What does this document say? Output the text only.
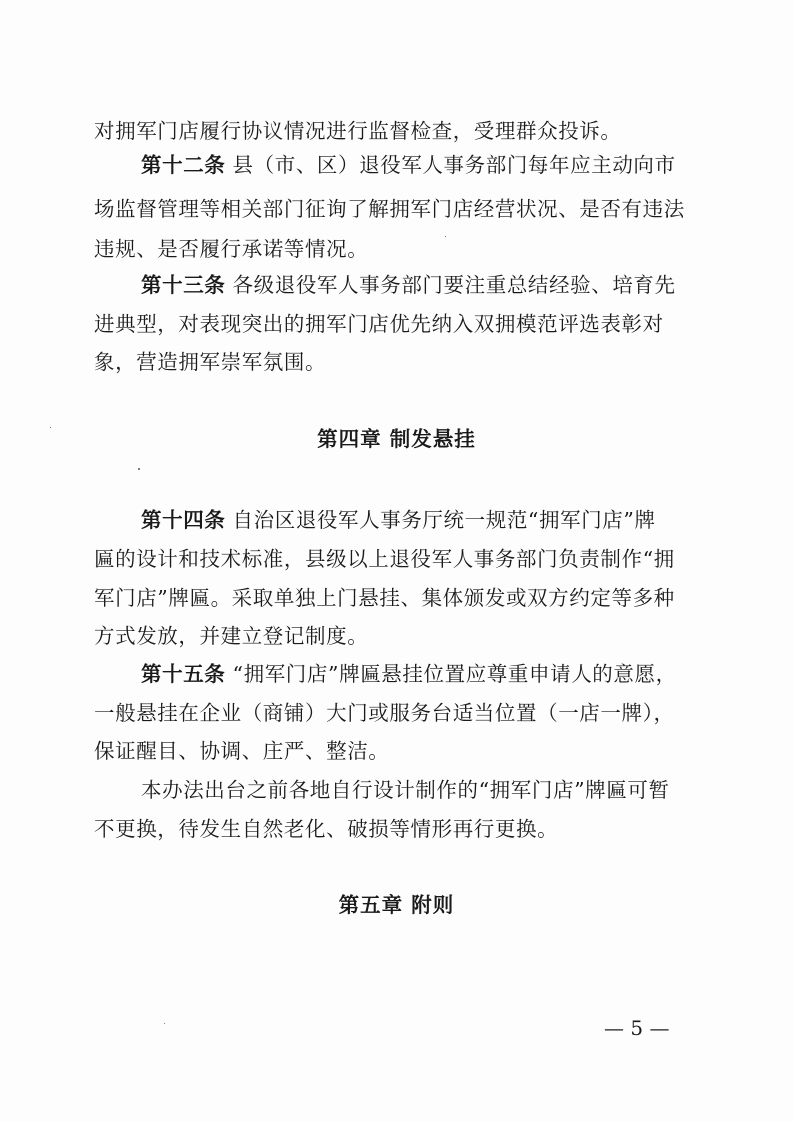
对拥军门店履行协议情况进行监督检查，受理群众投诉。
第十二条 县（市、区）退役军人事务部门每年应主动向市
场监督管理等相关部门征询了解拥军门店经营状况、是否有违法
违规、是否履行承诺等情况。
第十三条 各级退役军人事务部门要注重总结经验、培育先
进典型，对表现突出的拥军门店优先纳入双拥模范评选表彰对
象，营造拥军崇军氛围。
第四章 制发悬挂
第十四条 自治区退役军人事务厅统一规范“拥军门店”牌
匾的设计和技术标准，县级以上退役军人事务部门负责制作“拥
军门店”牌匾。采取单独上门悬挂、集体颁发或双方约定等多种
方式发放，并建立登记制度。
第十五条 “拥军门店”牌匾悬挂位置应尊重申请人的意愿，
一般悬挂在企业（商铺）大门或服务台适当位置（一店一牌），
保证醒目、协调、庄严、整洁。
本办法出台之前各地自行设计制作的“拥军门店”牌匾可暂
不更换，待发生自然老化、破损等情形再行更换。
第五章 附则
— 5 —
